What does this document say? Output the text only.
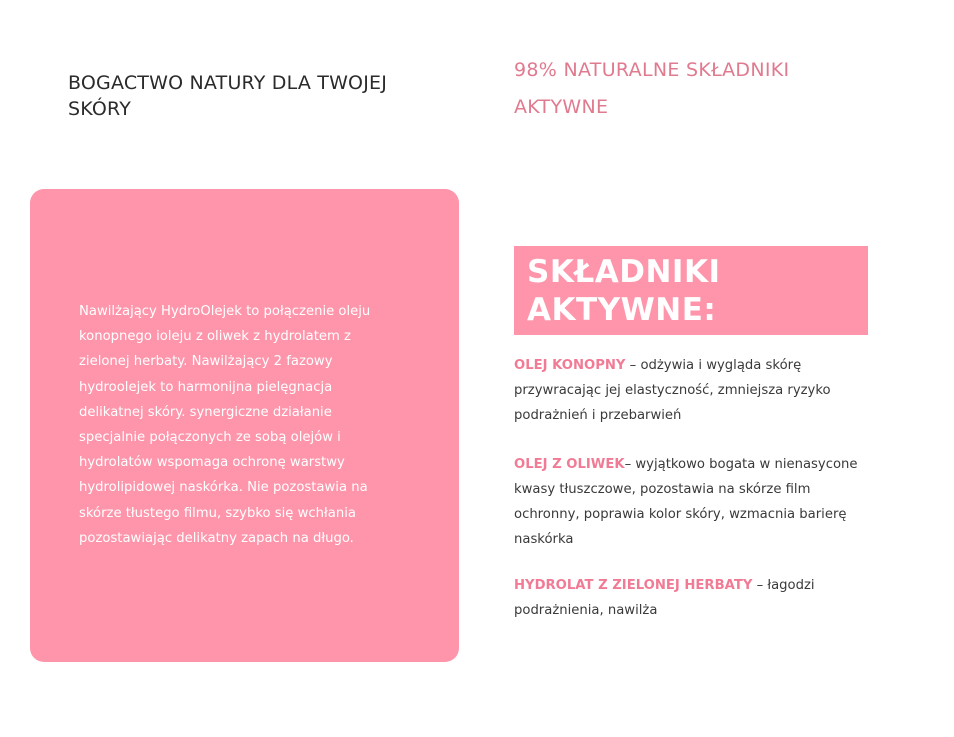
BOGACTWO NATURY DLA TWOJEJ SKÓRY
98% NATURALNE SKŁADNIKI AKTYWNE

Nawilżający HydroOlejek to połączenie oleju konopnego ioleju z oliwek z hydrolatem z zielonej herbaty. Nawilżający 2 fazowy hydroolejek to harmonijna pielęgnacja delikatnej skóry. synergiczne działanie specjalnie połączonych ze sobą olejów i hydrolatów wspomaga ochronę warstwy hydrolipidowej naskórka. Nie pozostawia na skórze tłustego filmu, szybko się wchłania pozostawiając delikatny zapach na długo.

SKŁADNIKI
AKTYWNE:

OLEJ KONOPNY – odżywia i wygląda skórę przywracając jej elastyczność, zmniejsza ryzyko podrażnień i przebarwień

OLEJ Z OLIWEK– wyjątkowo bogata w nienasycone kwasy tłuszczowe, pozostawia na skórze film ochronny, poprawia kolor skóry, wzmacnia barierę naskórka

HYDROLAT Z ZIELONEJ HERBATY – łagodzi podrażnienia, nawilża
